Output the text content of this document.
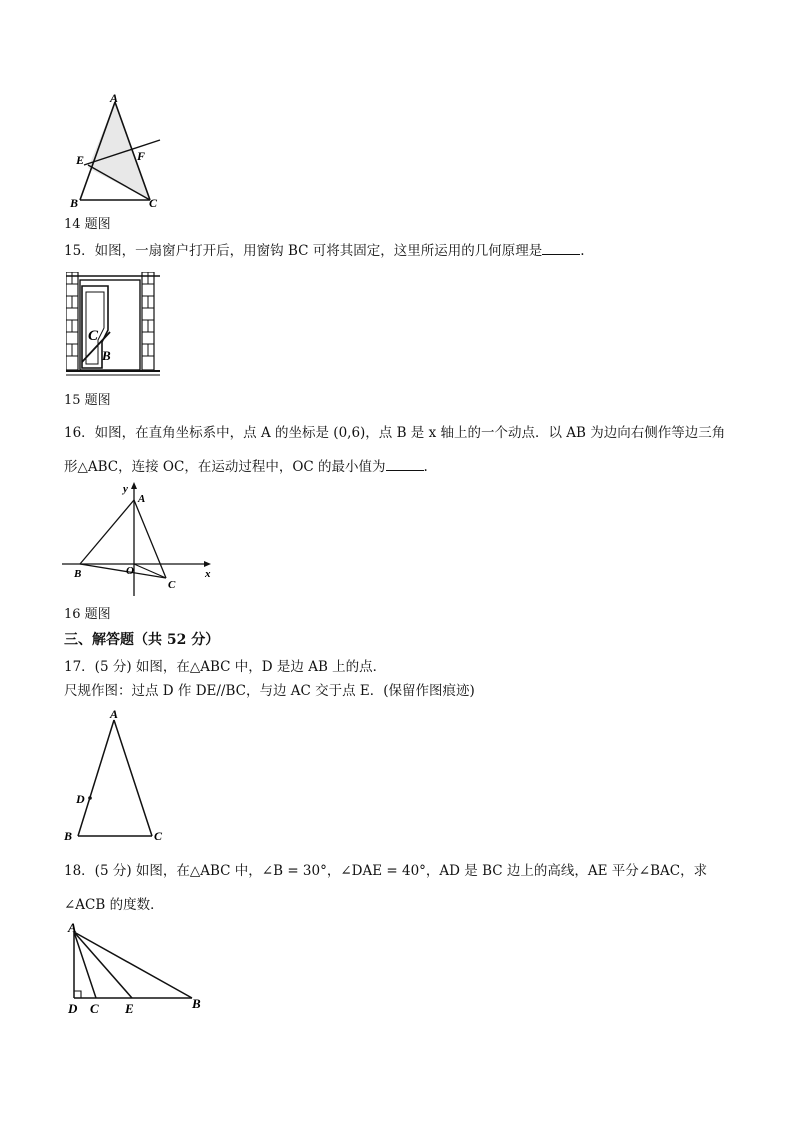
A
E	F
B	C
14 题图
15．如图，一扇窗户打开后，用窗钩 BC 可将其固定，这里所运用的几何原理是	.
C
B
15 题图
16．如图，在直角坐标系中，点 A 的坐标是 (0,6)，点 B 是 x 轴上的一个动点．以 AB 为边向右侧作等边三角
形△ABC，连接 OC，在运动过程中，OC 的最小值为	.
y
A
B	O
C
x
16 题图
三、解答题（共 52 分）
17．(5 分) 如图，在△ABC 中，D 是边 AB 上的点．
尺规作图：过点 D 作 DE//BC，与边 AC 交于点 E．(保留作图痕迹)
A
D
B	C
18．(5 分) 如图，在△ABC 中，∠B = 30°，∠DAE = 40°，AD 是 BC 边上的高线，AE 平分∠BAC，求
∠ACB 的度数．
A
D C E	B
